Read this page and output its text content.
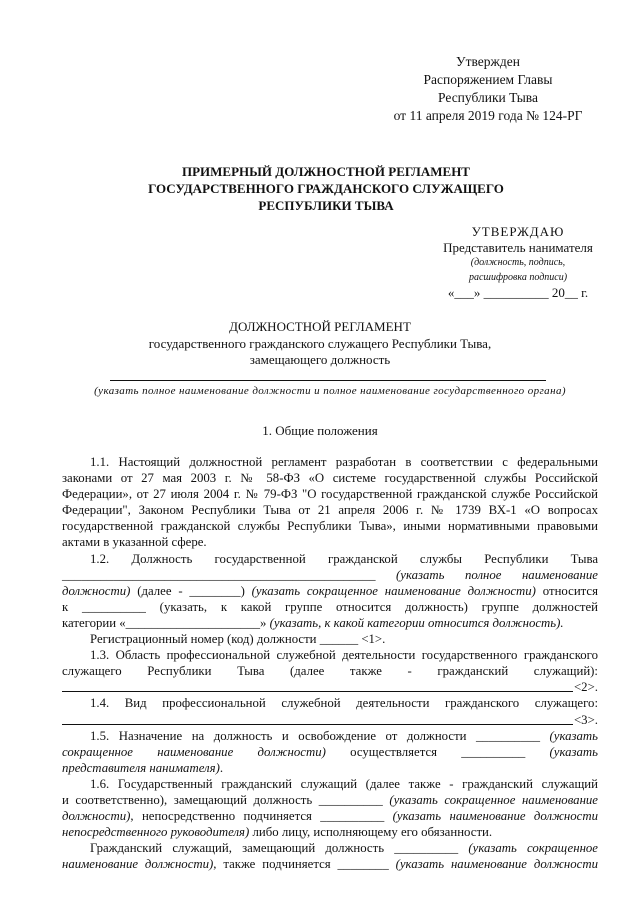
Утвержден
Распоряжением Главы
Республики Тыва
от 11 апреля 2019 года № 124-РГ
ПРИМЕРНЫЙ ДОЛЖНОСТНОЙ РЕГЛАМЕНТ
ГОСУДАРСТВЕННОГО ГРАЖДАНСКОГО СЛУЖАЩЕГО
РЕСПУБЛИКИ ТЫВА
УТВЕРЖДАЮ
Представитель нанимателя
(должность, подпись,
расшифровка подписи)
«___» __________ 20__ г.
ДОЛЖНОСТНОЙ РЕГЛАМЕНТ
государственного гражданского служащего Республики Тыва,
замещающего должность
(указать полное наименование должности и полное наименование государственного органа)
1. Общие положения
1.1. Настоящий должностной регламент разработан в соответствии с федеральными
законами от 27 мая 2003 г. № 58-ФЗ «О системе государственной службы Российской
Федерации», от 27 июля 2004 г. № 79-ФЗ "О государственной гражданской службе Российской
Федерации", Законом Республики Тыва от 21 апреля 2006 г. № 1739 ВХ-1 «О вопросах
государственной гражданской службы Республики Тыва», иными нормативными правовыми
актами в указанной сфере.
1.2. Должность государственной гражданской службы Республики Тыва
_________________________________________________ (указать полное наименование
должности) (далее - ________) (указать сокращенное наименование должности) относится
к __________ (указать, к какой группе относится должность) группе должностей
категории «_____________________» (указать, к какой категории относится должность).
Регистрационный номер (код) должности ______ <1>.
1.3. Область профессиональной служебной деятельности государственного гражданского
служащего Республики Тыва (далее также - гражданский служащий):
<2>.
1.4. Вид профессиональной служебной деятельности гражданского служащего:
<3>.
1.5. Назначение на должность и освобождение от должности __________ (указать
сокращенное наименование должности) осуществляется __________ (указать
представителя нанимателя).
1.6. Государственный гражданский служащий (далее также - гражданский служащий
и соответственно), замещающий должность __________ (указать сокращенное наименование
должности), непосредственно подчиняется __________ (указать наименование должности
непосредственного руководителя) либо лицу, исполняющему его обязанности.
Гражданский служащий, замещающий должность __________ (указать сокращенное
наименование должности), также подчиняется ________ (указать наименование должности
